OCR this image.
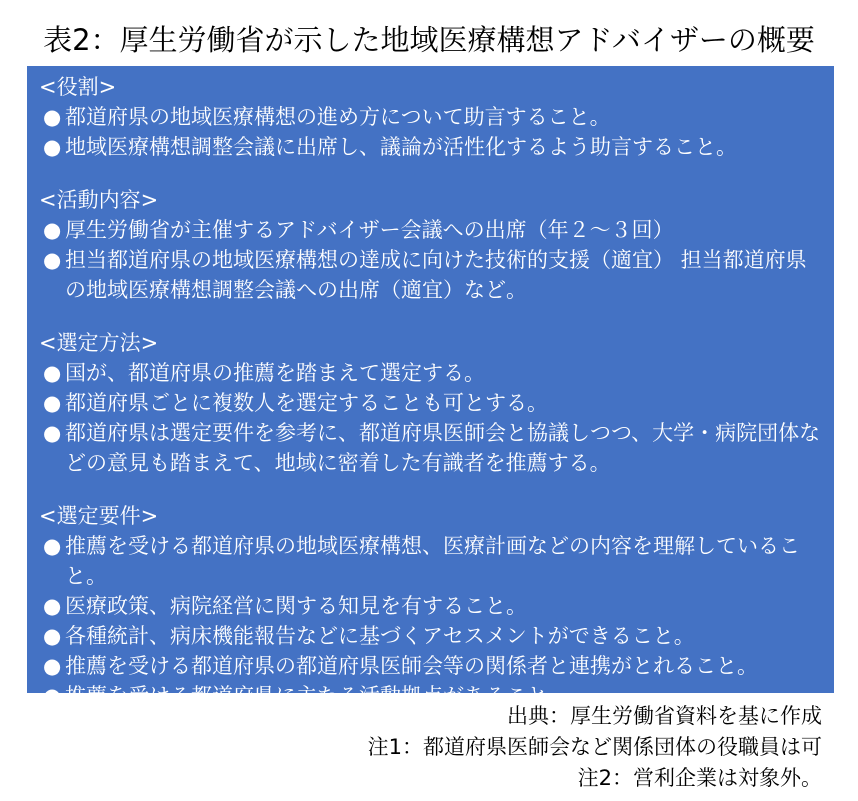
表2：厚生労働省が示した地域医療構想アドバイザーの概要
<役割>
● 都道府県の地域医療構想の進め方について助言すること。
● 地域医療構想調整会議に出席し、議論が活性化するよう助言すること。
<活動内容>
● 厚生労働省が主催するアドバイザー会議への出席（年２～３回）
● 担当都道府県の地域医療構想の達成に向けた技術的支援（適宜） 担当都道府県の地域医療構想調整会議への出席（適宜）など。
<選定方法>
● 国が、都道府県の推薦を踏まえて選定する。
● 都道府県ごとに複数人を選定することも可とする。
● 都道府県は選定要件を参考に、都道府県医師会と協議しつつ、大学・病院団体などの意見も踏まえて、地域に密着した有識者を推薦する。
<選定要件>
● 推薦を受ける都道府県の地域医療構想、医療計画などの内容を理解していること。
● 医療政策、病院経営に関する知見を有すること。
● 各種統計、病床機能報告などに基づくアセスメントができること。
● 推薦を受ける都道府県の都道府県医師会等の関係者と連携がとれること。
● 推薦を受ける都道府県に主たる活動拠点があること。
出典：厚生労働省資料を基に作成
注1：都道府県医師会など関係団体の役職員は可
注2：営利企業は対象外。
